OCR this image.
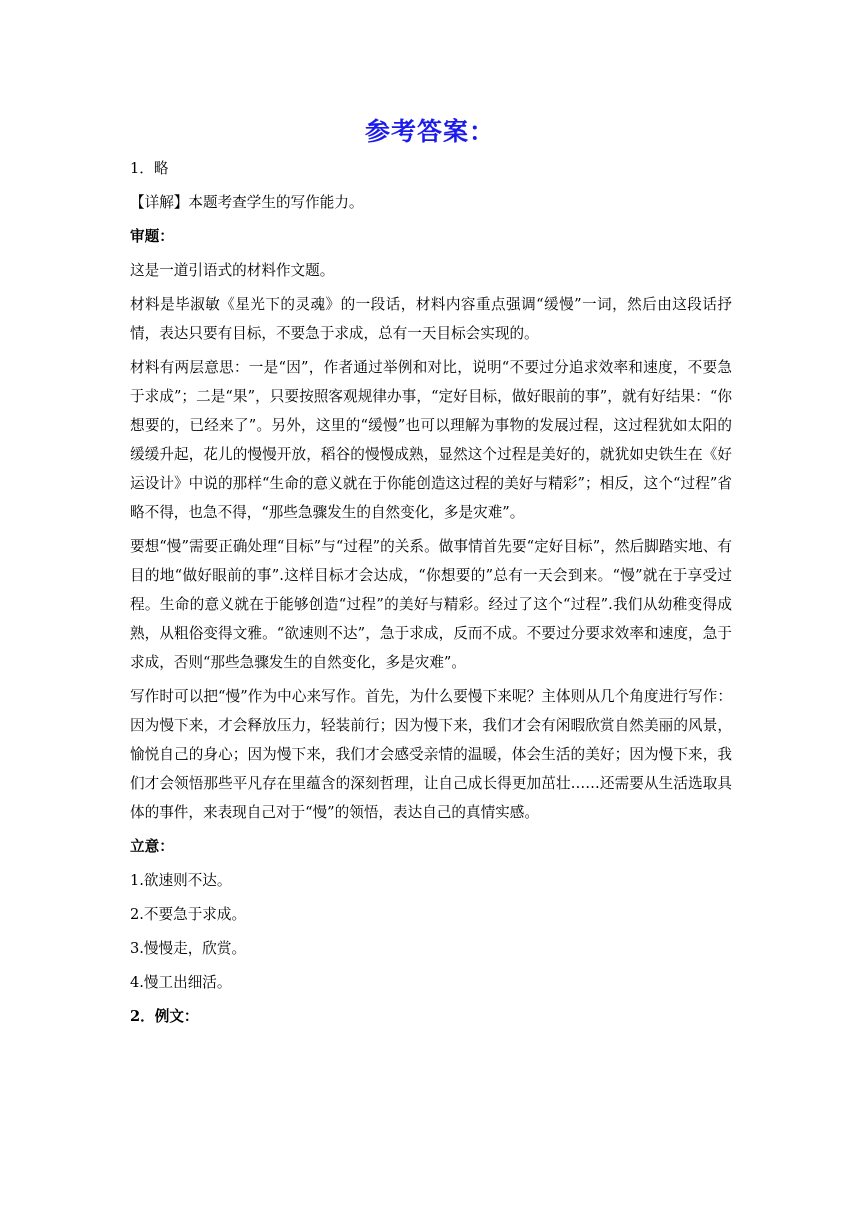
参考答案：

1．略

【详解】本题考查学生的写作能力。

审题：

这是一道引语式的材料作文题。

材料是毕淑敏《星光下的灵魂》的一段话，材料内容重点强调“缓慢”一词，然后由这段话抒情，表达只要有目标，不要急于求成，总有一天目标会实现的。

材料有两层意思：一是“因”，作者通过举例和对比，说明“不要过分追求效率和速度，不要急于求成”；二是“果”，只要按照客观规律办事，“定好目标，做好眼前的事”，就有好结果：“你想要的，已经来了”。另外，这里的“缓慢”也可以理解为事物的发展过程，这过程犹如太阳的缓缓升起，花儿的慢慢开放，稻谷的慢慢成熟，显然这个过程是美好的，就犹如史铁生在《好运设计》中说的那样“生命的意义就在于你能创造这过程的美好与精彩”；相反，这个“过程”省略不得，也急不得，“那些急骤发生的自然变化，多是灾难”。

要想“慢”需要正确处理“目标”与“过程”的关系。做事情首先要“定好目标”，然后脚踏实地、有目的地“做好眼前的事”.这样目标才会达成，“你想要的”总有一天会到来。“慢”就在于享受过程。生命的意义就在于能够创造“过程”的美好与精彩。经过了这个“过程”.我们从幼稚变得成熟，从粗俗变得文雅。“欲速则不达”，急于求成，反而不成。不要过分要求效率和速度，急于求成，否则“那些急骤发生的自然变化，多是灾难”。

写作时可以把“慢”作为中心来写作。首先，为什么要慢下来呢？主体则从几个角度进行写作：因为慢下来，才会释放压力，轻装前行；因为慢下来，我们才会有闲暇欣赏自然美丽的风景，愉悦自己的身心；因为慢下来，我们才会感受亲情的温暖，体会生活的美好；因为慢下来，我们才会领悟那些平凡存在里蕴含的深刻哲理，让自己成长得更加茁壮……还需要从生活选取具体的事件，来表现自己对于“慢”的领悟，表达自己的真情实感。

立意：

1.欲速则不达。

2.不要急于求成。

3.慢慢走，欣赏。

4.慢工出细活。

2．例文：
